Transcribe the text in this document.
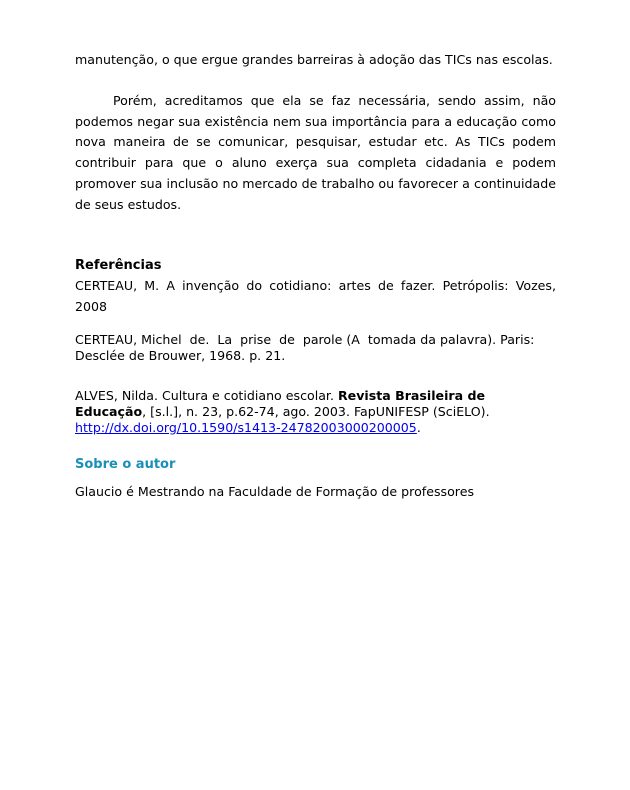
manutenção, o que ergue grandes barreiras à adoção das TICs nas escolas.

Porém, acreditamos que ela se faz necessária, sendo assim, não podemos negar sua existência nem sua importância para a educação como nova maneira de se comunicar, pesquisar, estudar etc. As TICs podem contribuir para que o aluno exerça sua completa cidadania e podem promover sua inclusão no mercado de trabalho ou favorecer a continuidade de seus estudos.

Referências

CERTEAU, M. A invenção do cotidiano: artes de fazer. Petrópolis: Vozes, 2008

CERTEAU, Michel  de.  La  prise  de  parole (A  tomada da palavra). Paris:

Desclée de Brouwer, 1968. p. 21.

ALVES, Nilda. Cultura e cotidiano escolar. Revista Brasileira de Educação, [s.l.], n. 23, p.62-74, ago. 2003. FapUNIFESP (SciELO).
http://dx.doi.org/10.1590/s1413-24782003000200005.

Sobre o autor

Glaucio é Mestrando na Faculdade de Formação de professores
